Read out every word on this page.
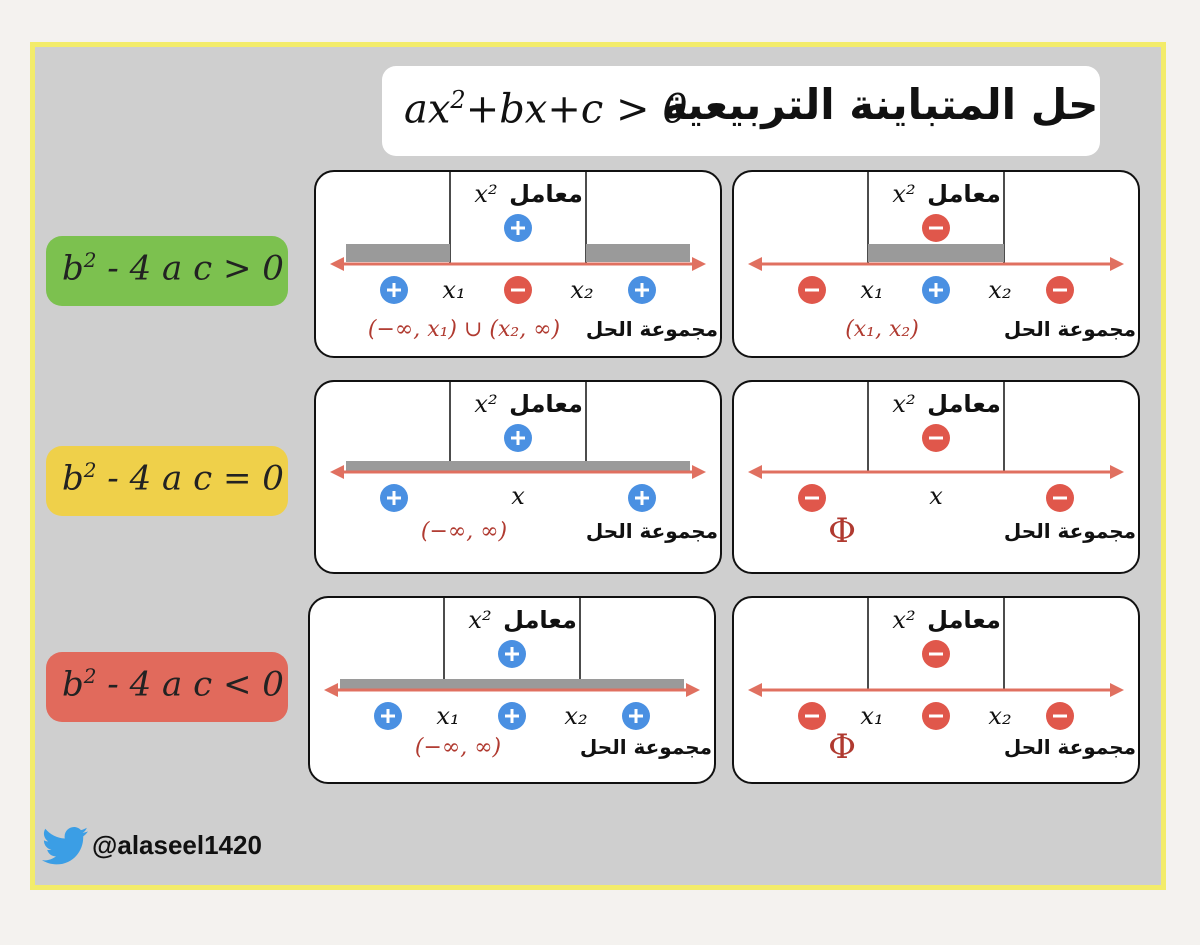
حل المتباينة التربيعية
$ax^2+bx+c > 0$
$b^2 - 4$ a c > 0
$b^2 - 4$ a c = 0
$b^2 - 4$ a c < 0
معامل
x²
x₁	x₂
مجموعة الحل
(−∞, x₁) ∪ (x₂, ∞)
معامل
x²
x₁	x₂
مجموعة الحل
(x₁, x₂)
معامل
x²
x
مجموعة الحل
(−∞, ∞)
معامل
x²
x
مجموعة الحل
Φ
معامل
x²
x₁	x₂
مجموعة الحل
(−∞, ∞)
معامل
x²
x₁	x₂
مجموعة الحل
Φ
@alaseel1420
